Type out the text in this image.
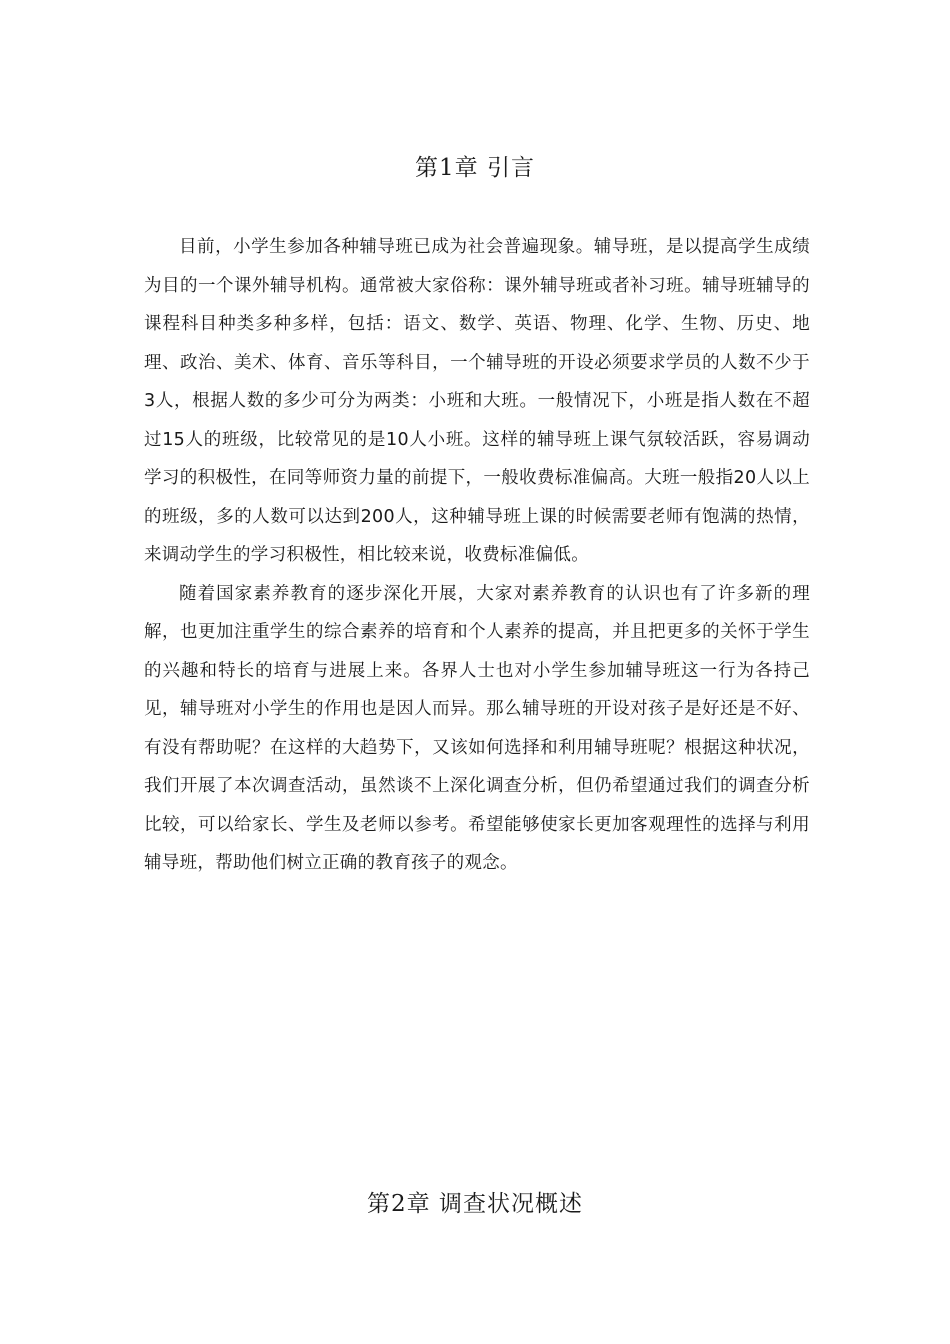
第1章 引言

目前，小学生参加各种辅导班已成为社会普遍现象。辅导班，是以提高学生成绩为目的一个课外辅导机构。通常被大家俗称：课外辅导班或者补习班。辅导班辅导的课程科目种类多种多样，包括：语文、数学、英语、物理、化学、生物、历史、地理、政治、美术、体育、音乐等科目，一个辅导班的开设必须要求学员的人数不少于3人，根据人数的多少可分为两类：小班和大班。一般情况下，小班是指人数在不超过15人的班级，比较常见的是10人小班。这样的辅导班上课气氛较活跃，容易调动学习的积极性，在同等师资力量的前提下，一般收费标准偏高。大班一般指20人以上的班级，多的人数可以达到200人，这种辅导班上课的时候需要老师有饱满的热情，来调动学生的学习积极性，相比较来说，收费标准偏低。

随着国家素养教育的逐步深化开展，大家对素养教育的认识也有了许多新的理解，也更加注重学生的综合素养的培育和个人素养的提高，并且把更多的关怀于学生的兴趣和特长的培育与进展上来。各界人士也对小学生参加辅导班这一行为各持己见，辅导班对小学生的作用也是因人而异。那么辅导班的开设对孩子是好还是不好、有没有帮助呢？在这样的大趋势下，又该如何选择和利用辅导班呢？根据这种状况，我们开展了本次调查活动，虽然谈不上深化调查分析，但仍希望通过我们的调查分析比较，可以给家长、学生及老师以参考。希望能够使家长更加客观理性的选择与利用辅导班，帮助他们树立正确的教育孩子的观念。

第2章 调查状况概述
